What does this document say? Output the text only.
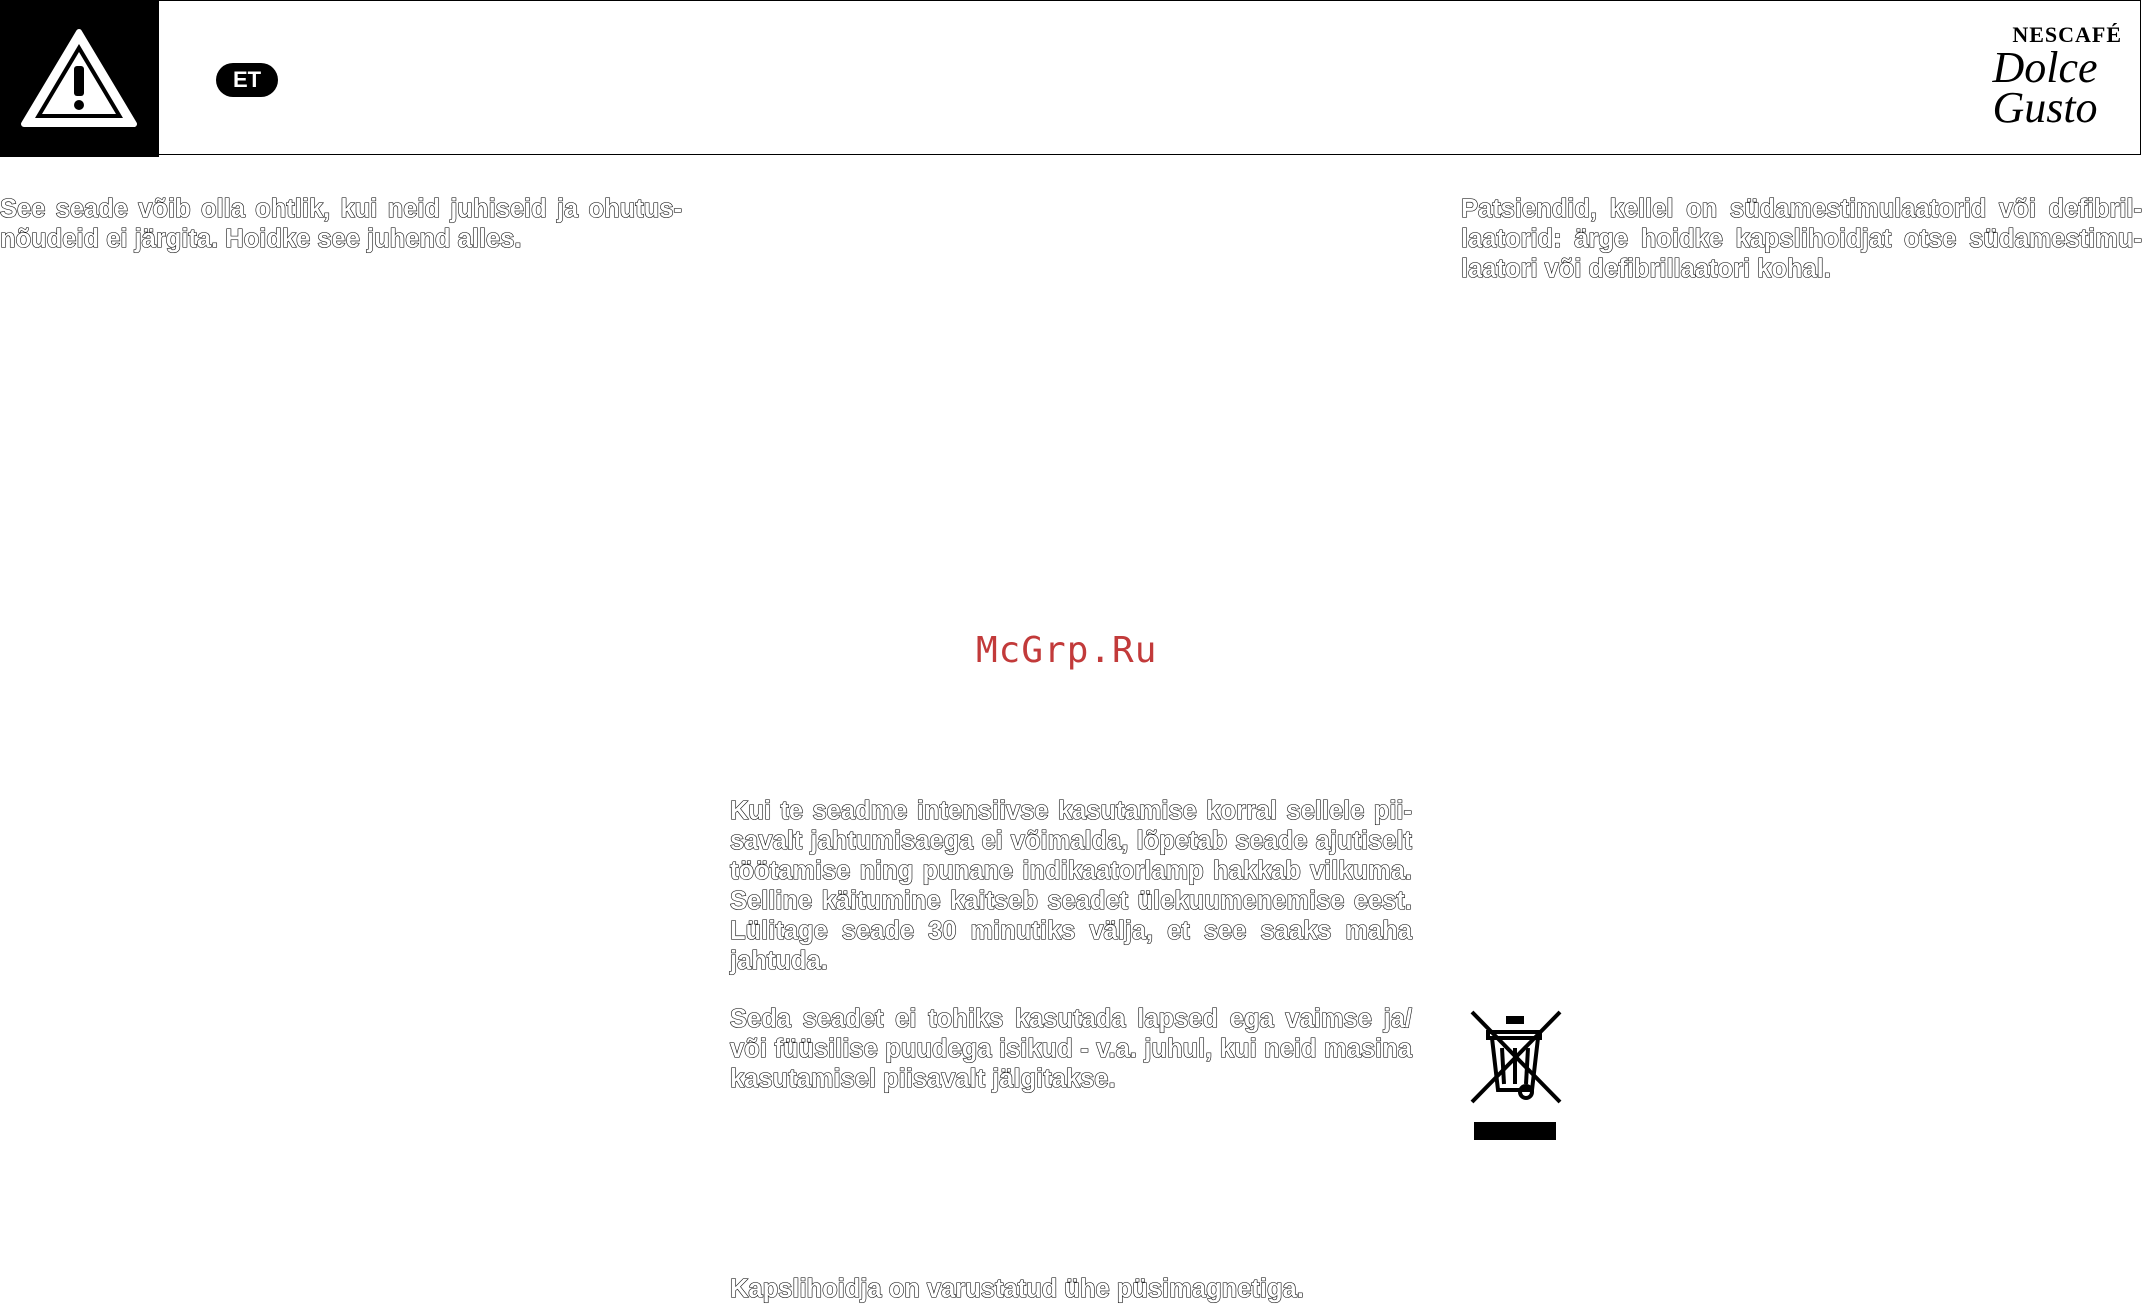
ET
NESCAFÉ
Dolce
Gusto

See seade võib olla ohtlik, kui neid juhiseid ja ohutus-nõudeid ei järgita. Hoidke see juhend alles.

Patsiendid, kellel on südamestimulaatorid või defibril-laatorid: ärge hoidke kapslihoidjat otse südamestimu-laatori või defibrillaatori kohal.

McGrp.Ru

Kui te seadme intensiivse kasutamise korral sellele pii-savalt jahtumisaega ei võimalda, lõpetab seade ajutiselt töötamise ning punane indikaatorlamp hakkab vilkuma. Selline käitumine kaitseb seadet ülekuumenemise eest. Lülitage seade 30 minutiks välja, et see saaks maha jahtuda.

Seda seadet ei tohiks kasutada lapsed ega vaimse ja/ või füüsilise puudega isikud - v.a. juhul, kui neid masina kasutamisel piisavalt jälgitakse.

Kapslihoidja on varustatud ühe püsimagnetiga.
